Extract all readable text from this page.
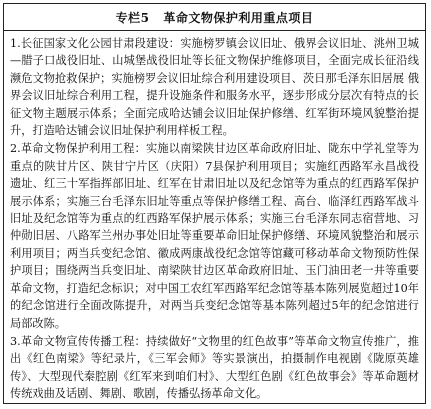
专栏5 革命文物保护利用重点项目

1.长征国家文化公园甘肃段建设：实施榜罗镇会议旧址、俄界会议旧址、洮州卫城—腊子口战役旧址、山城堡战役旧址等长征文物保护维修项目，全面完成长征沿线濒危文物抢救保护；实施榜罗会议旧址综合利用建设项目、茨日那毛泽东旧居展 俄界会议旧址综合利用工程，提升设施条件和服务水平，逐步形成分层次有特点的长征文物主题展示体系；全面完成哈达铺会议旧址保护修缮、红军街环境风貌整治提升，打造哈达铺会议旧址保护利用样板工程。

2.革命文物保护利用工程：实施以南梁陕甘边区革命政府旧址、陇东中学礼堂等为重点的陕甘片区、陕甘宁片区（庆阳）7县保护利用项目；实施红西路军永昌战役遗址、红三十军指挥部旧址、红军在甘肃旧址以及纪念馆等为重点的红西路军保护展示体系；实施三台毛泽东旧址等重点等保护修缮工程、高台、临泽红西路军战斗旧址及纪念馆等为重点的红西路军保护展示体系；实施三台毛泽东同志宿营地、习仲勋旧居、八路军兰州办事处旧址等重要革命旧址保护修缮、环境风貌整治和展示利用项目；两当兵变纪念馆、徽成两康战役纪念馆等馆藏可移动革命文物预防性保护项目；围绕两当兵变旧址、南梁陕甘边区革命政府旧址、玉门油田老一井等重要革命文物，打造纪念标识；对中国工农红军西路军纪念馆等基本陈列展览超过10年的纪念馆进行全面改陈提升，对两当兵变纪念馆等基本陈列超过5年的纪念馆进行局部改陈。

3.革命文物宣传传播工程：持续做好“文物里的红色故事”等革命文物宣传推广，推出《红色南梁》等纪录片，《三军会师》等实景演出，拍摄制作电视剧《陇原英雄传》、大型现代秦腔剧《红军来到咱们村》、大型红色剧《红色故事会》等革命题材传统戏曲及话剧、舞剧、歌剧，传播弘扬革命文化。
